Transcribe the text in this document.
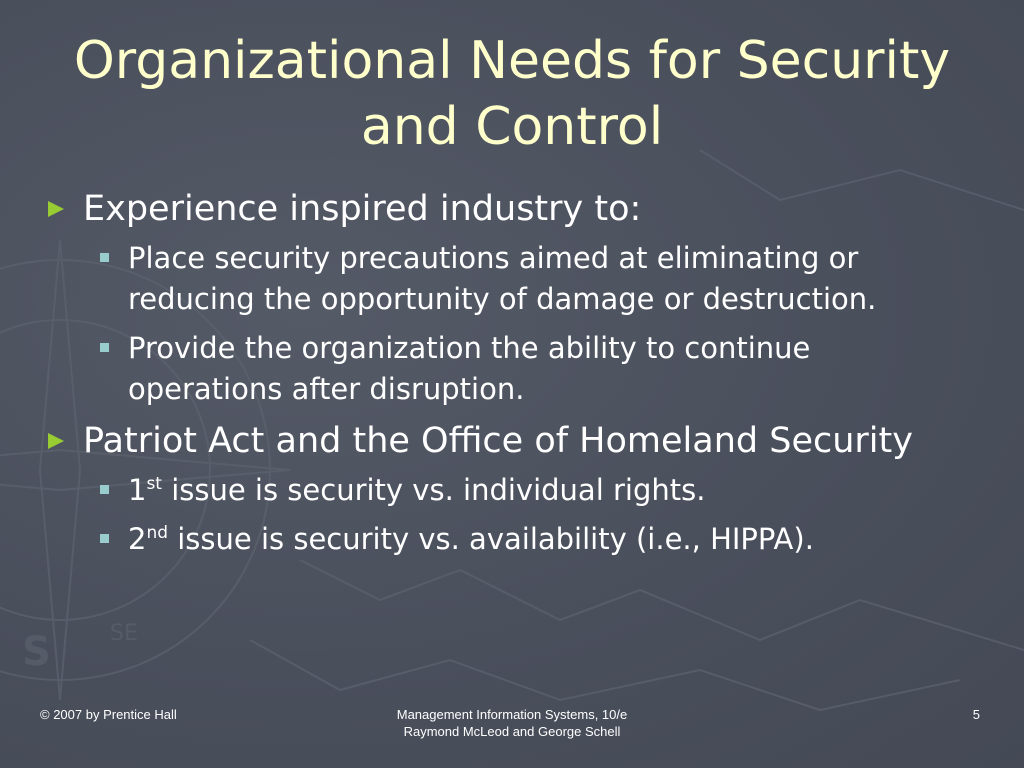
S	SE
Organizational Needs for Security
and Control
Experience inspired industry to:
Place security precautions aimed at eliminating or
reducing the opportunity of damage or destruction.
Provide the organization the ability to continue
operations after disruption.
Patriot Act and the Office of Homeland Security
1st issue is security vs. individual rights.
2nd issue is security vs. availability (i.e., HIPPA).
© 2007 by Prentice Hall	Management Information Systems, 10/e
Raymond McLeod and George Schell
5
